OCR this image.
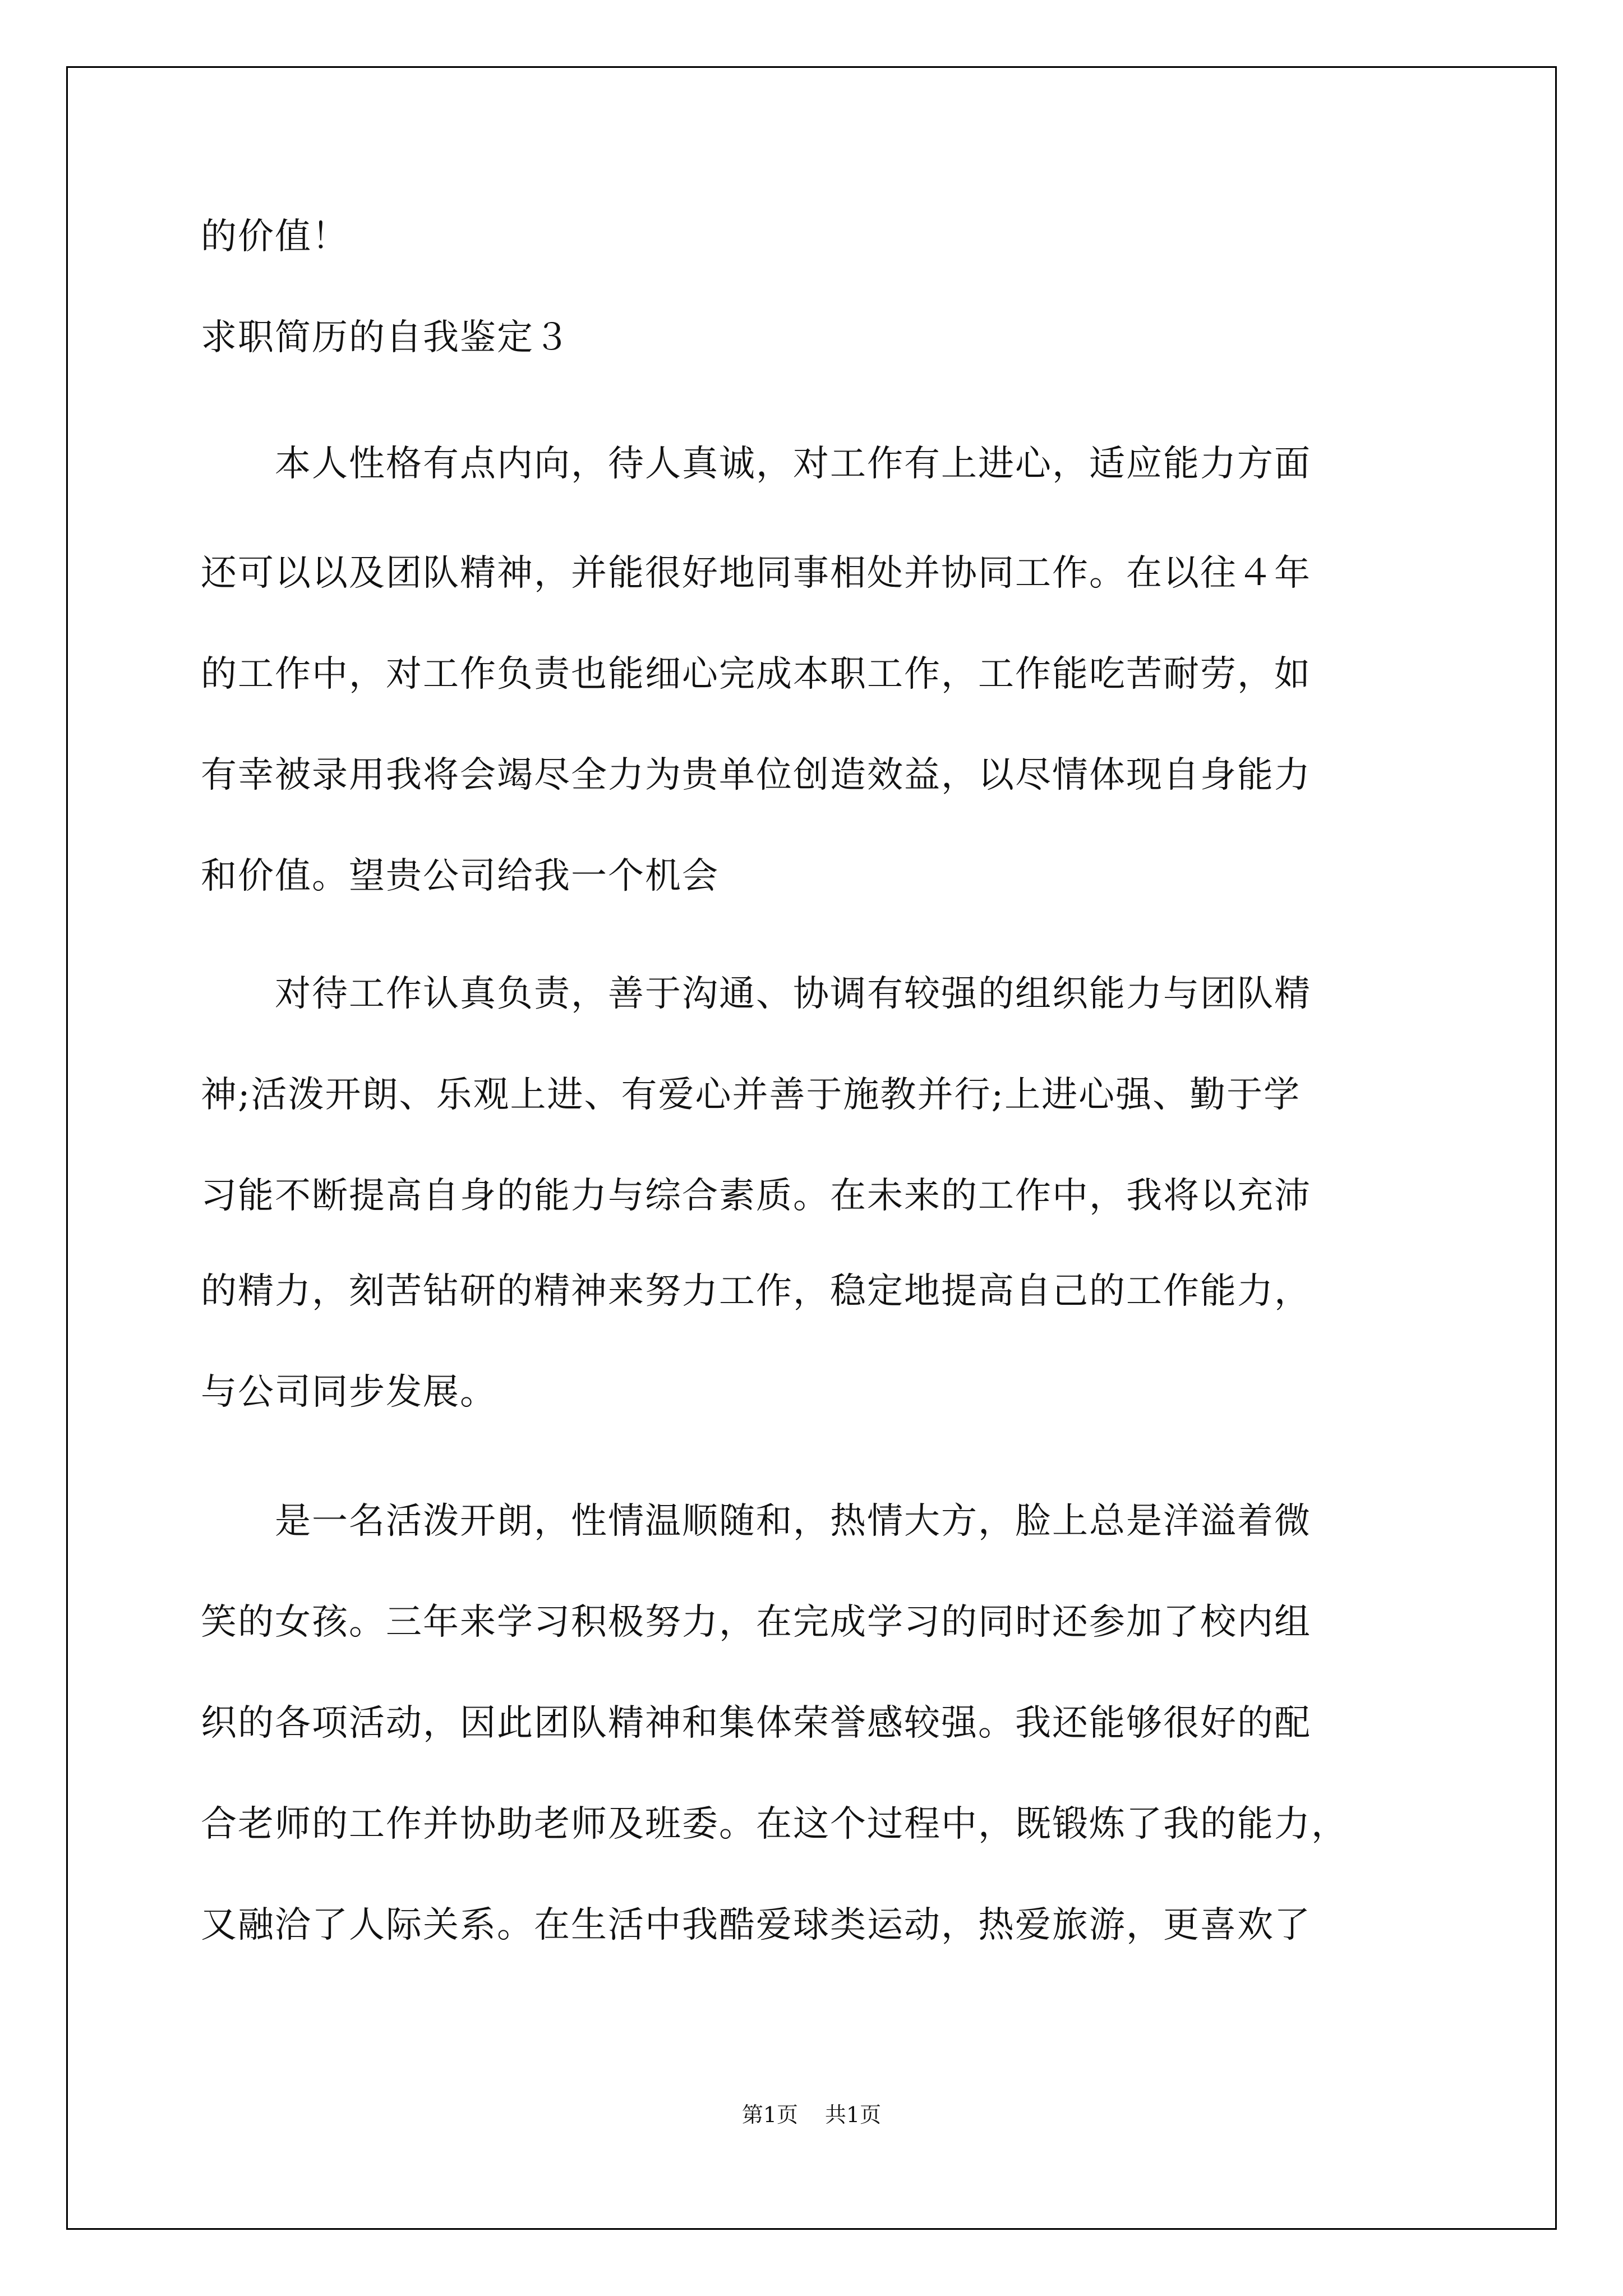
的价值！
求职简历的自我鉴定３
　　本人性格有点内向，待人真诚，对工作有上进心，适应能力方面
还可以以及团队精神，并能很好地同事相处并协同工作。在以往４年
的工作中，对工作负责也能细心完成本职工作，工作能吃苦耐劳，如
有幸被录用我将会竭尽全力为贵单位创造效益，以尽情体现自身能力
和价值。望贵公司给我一个机会
　　对待工作认真负责，善于沟通、协调有较强的组织能力与团队精
神;活泼开朗、乐观上进、有爱心并善于施教并行;上进心强、勤于学
习能不断提高自身的能力与综合素质。在未来的工作中，我将以充沛
的精力，刻苦钻研的精神来努力工作，稳定地提高自己的工作能力，
与公司同步发展。
　　是一名活泼开朗，性情温顺随和，热情大方，脸上总是洋溢着微
笑的女孩。三年来学习积极努力，在完成学习的同时还参加了校内组
织的各项活动，因此团队精神和集体荣誉感较强。我还能够很好的配
合老师的工作并协助老师及班委。在这个过程中，既锻炼了我的能力，
又融洽了人际关系。在生活中我酷爱球类运动，热爱旅游，更喜欢了
第1页 共1页
